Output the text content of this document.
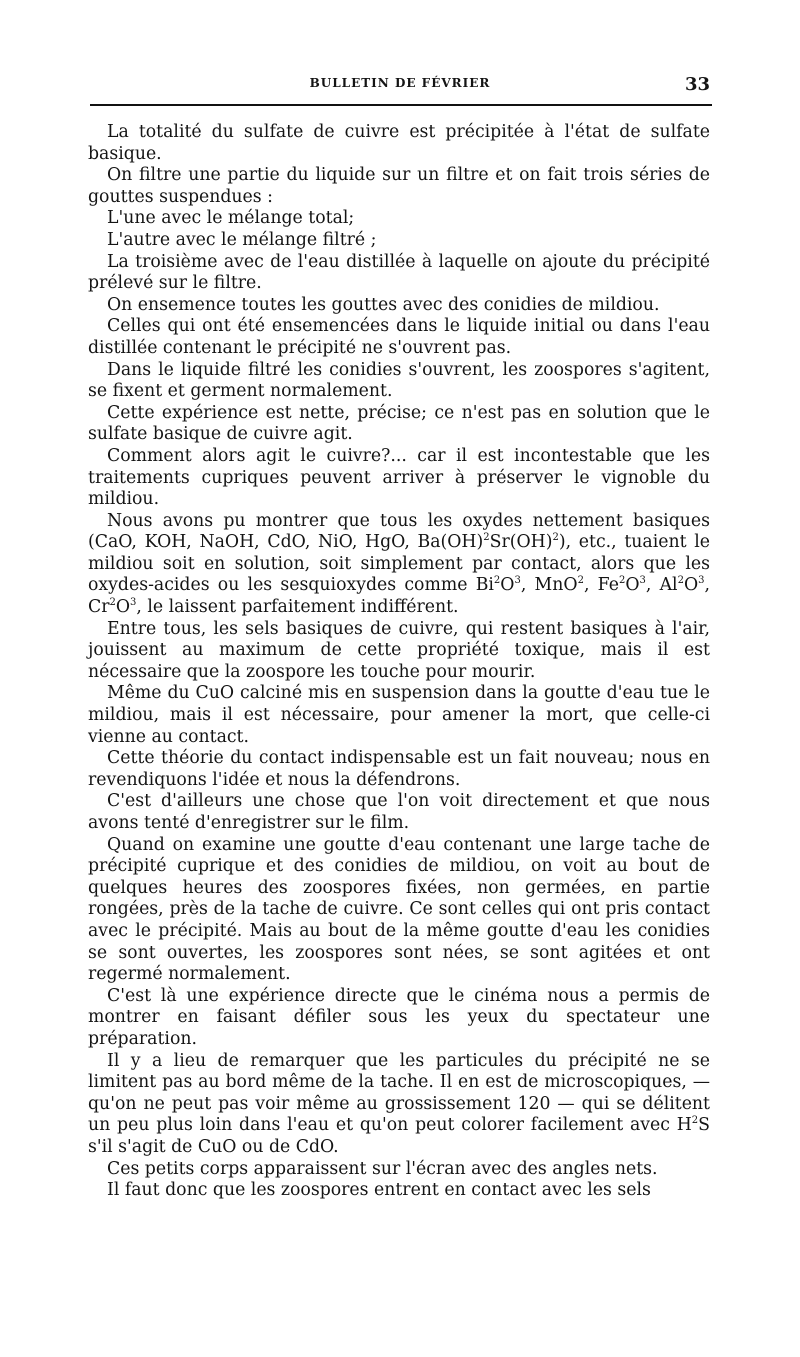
BULLETIN DE FÉVRIER	33

La totalité du sulfate de cuivre est précipitée à l'état de sulfate basique.

On filtre une partie du liquide sur un filtre et on fait trois séries de gouttes suspendues :

L'une avec le mélange total;

L'autre avec le mélange filtré ;

La troisième avec de l'eau distillée à laquelle on ajoute du précipité prélevé sur le filtre.

On ensemence toutes les gouttes avec des conidies de mildiou.

Celles qui ont été ensemencées dans le liquide initial ou dans l'eau distillée contenant le précipité ne s'ouvrent pas.

Dans le liquide filtré les conidies s'ouvrent, les zoospores s'agitent, se fixent et germent normalement.

Cette expérience est nette, précise; ce n'est pas en solution que le sulfate basique de cuivre agit.

Comment alors agit le cuivre?... car il est incontestable que les traitements cupriques peuvent arriver à préserver le vignoble du mildiou.

Nous avons pu montrer que tous les oxydes nettement basiques (CaO, KOH, NaOH, CdO, NiO, HgO, Ba(OH)$^2$Sr(OH)$^2$), etc., tuaient le mildiou soit en solution, soit simplement par contact, alors que les oxydes-acides ou les sesquioxydes comme $Bi^2O^3$, MnO$^2$, $Fe^2O^3$, $Al^2O^3$, $Cr^2O^3$, le laissent parfaitement indifférent.

Entre tous, les sels basiques de cuivre, qui restent basiques à l'air, jouissent au maximum de cette propriété toxique, mais il est nécessaire que la zoospore les touche pour mourir.

Même du CuO calciné mis en suspension dans la goutte d'eau tue le mildiou, mais il est nécessaire, pour amener la mort, que celle-ci vienne au contact.

Cette théorie du contact indispensable est un fait nouveau; nous en revendiquons l'idée et nous la défendrons.

C'est d'ailleurs une chose que l'on voit directement et que nous avons tenté d'enregistrer sur le film.

Quand on examine une goutte d'eau contenant une large tache de précipité cuprique et des conidies de mildiou, on voit au bout de quelques heures des zoospores fixées, non germées, en partie rongées, près de la tache de cuivre. Ce sont celles qui ont pris contact avec le précipité. Mais au bout de la même goutte d'eau les conidies se sont ouvertes, les zoospores sont nées, se sont agitées et ont regermé normalement.

C'est là une expérience directe que le cinéma nous a permis de montrer en faisant défiler sous les yeux du spectateur une préparation.

Il y a lieu de remarquer que les particules du précipité ne se limitent pas au bord même de la tache. Il en est de microscopiques, — qu'on ne peut pas voir même au grossissement 120 — qui se délitent un peu plus loin dans l'eau et qu'on peut colorer facilement avec $H^2S$ s'il s'agit de CuO ou de CdO.

Ces petits corps apparaissent sur l'écran avec des angles nets.

Il faut donc que les zoospores entrent en contact avec les sels
